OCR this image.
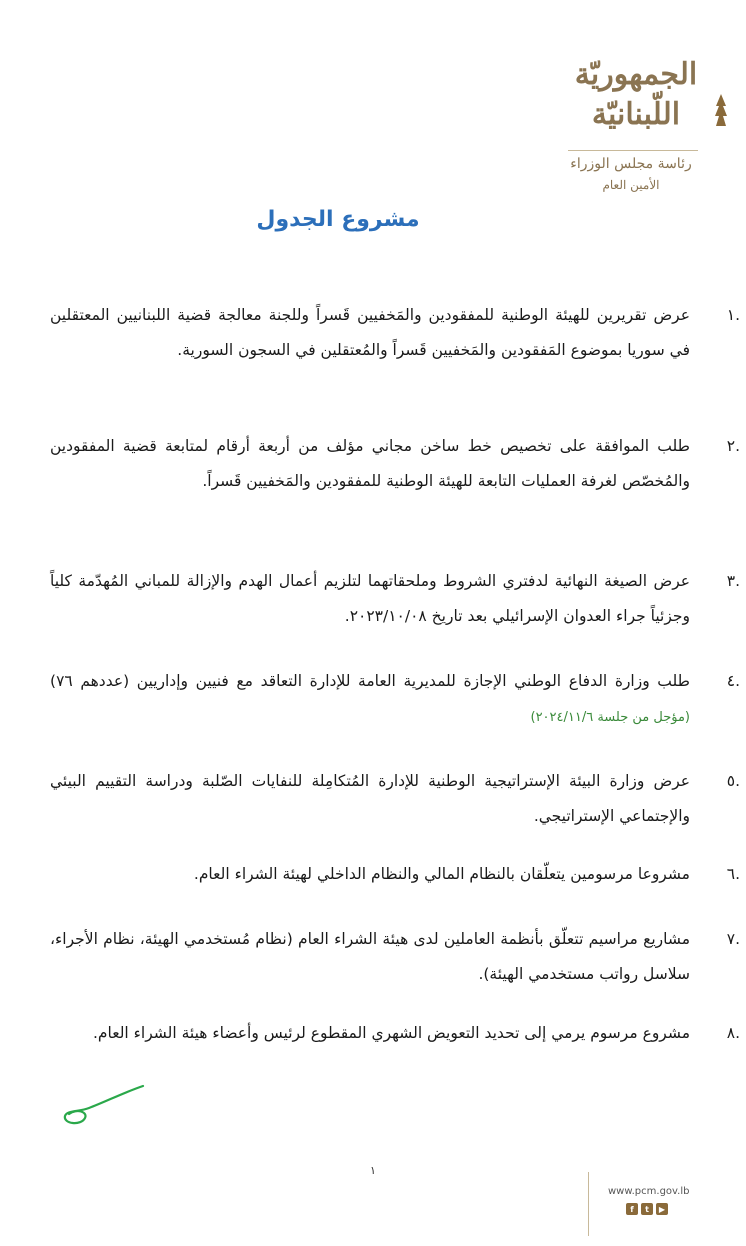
الجمهوريّة
اللّبنانيّة
رئاسة مجلس الوزراء
الأمين العام
مشروع الجدول
.١
عرض تقريرين للهيئة الوطنية للمفقودين والمَخفيين قَسراً وللجنة معالجة قضية اللبنانيين المعتقلين في سوريا بموضوع المَفقودين والمَخفيين قَسراً والمُعتقلين في السجون السورية.
.٢
طلب الموافقة على تخصيص خط ساخن مجاني مؤلف من أربعة أرقام لمتابعة قضية المفقودين والمُخصّص لغرفة العمليات التابعة للهيئة الوطنية للمفقودين والمَخفيين قَسراً.
.٣
عرض الصيغة النهائية لدفتري الشروط وملحقاتهما لتلزيم أعمال الهدم والإزالة للمباني المُهدّمة كلياً وجزئياً جراء العدوان الإسرائيلي بعد تاريخ ٢٠٢٣/١٠/٠٨.
.٤
طلب وزارة الدفاع الوطني الإجازة للمديرية العامة للإدارة التعاقد مع فنيين وإداريين (عددهم ٧٦) (مؤجل من جلسة ٢٠٢٤/١١/٦)
.٥
عرض وزارة البيئة الإستراتيجية الوطنية للإدارة المُتكامِلة للنفايات الصّلبة ودراسة التقييم البيئي والإجتماعي الإستراتيجي.
.٦
مشروعا مرسومين يتعلّقان بالنظام المالي والنظام الداخلي لهيئة الشراء العام.
.٧
مشاريع مراسيم تتعلّق بأنظمة العاملين لدى هيئة الشراء العام (نظام مُستخدمي الهيئة، نظام الأجراء، سلاسل رواتب مستخدمي الهيئة).
.٨
مشروع مرسوم يرمي إلى تحديد التعويض الشهري المقطوع لرئيس وأعضاء هيئة الشراء العام.
١
www.pcm.gov.lb
f	t	▶
